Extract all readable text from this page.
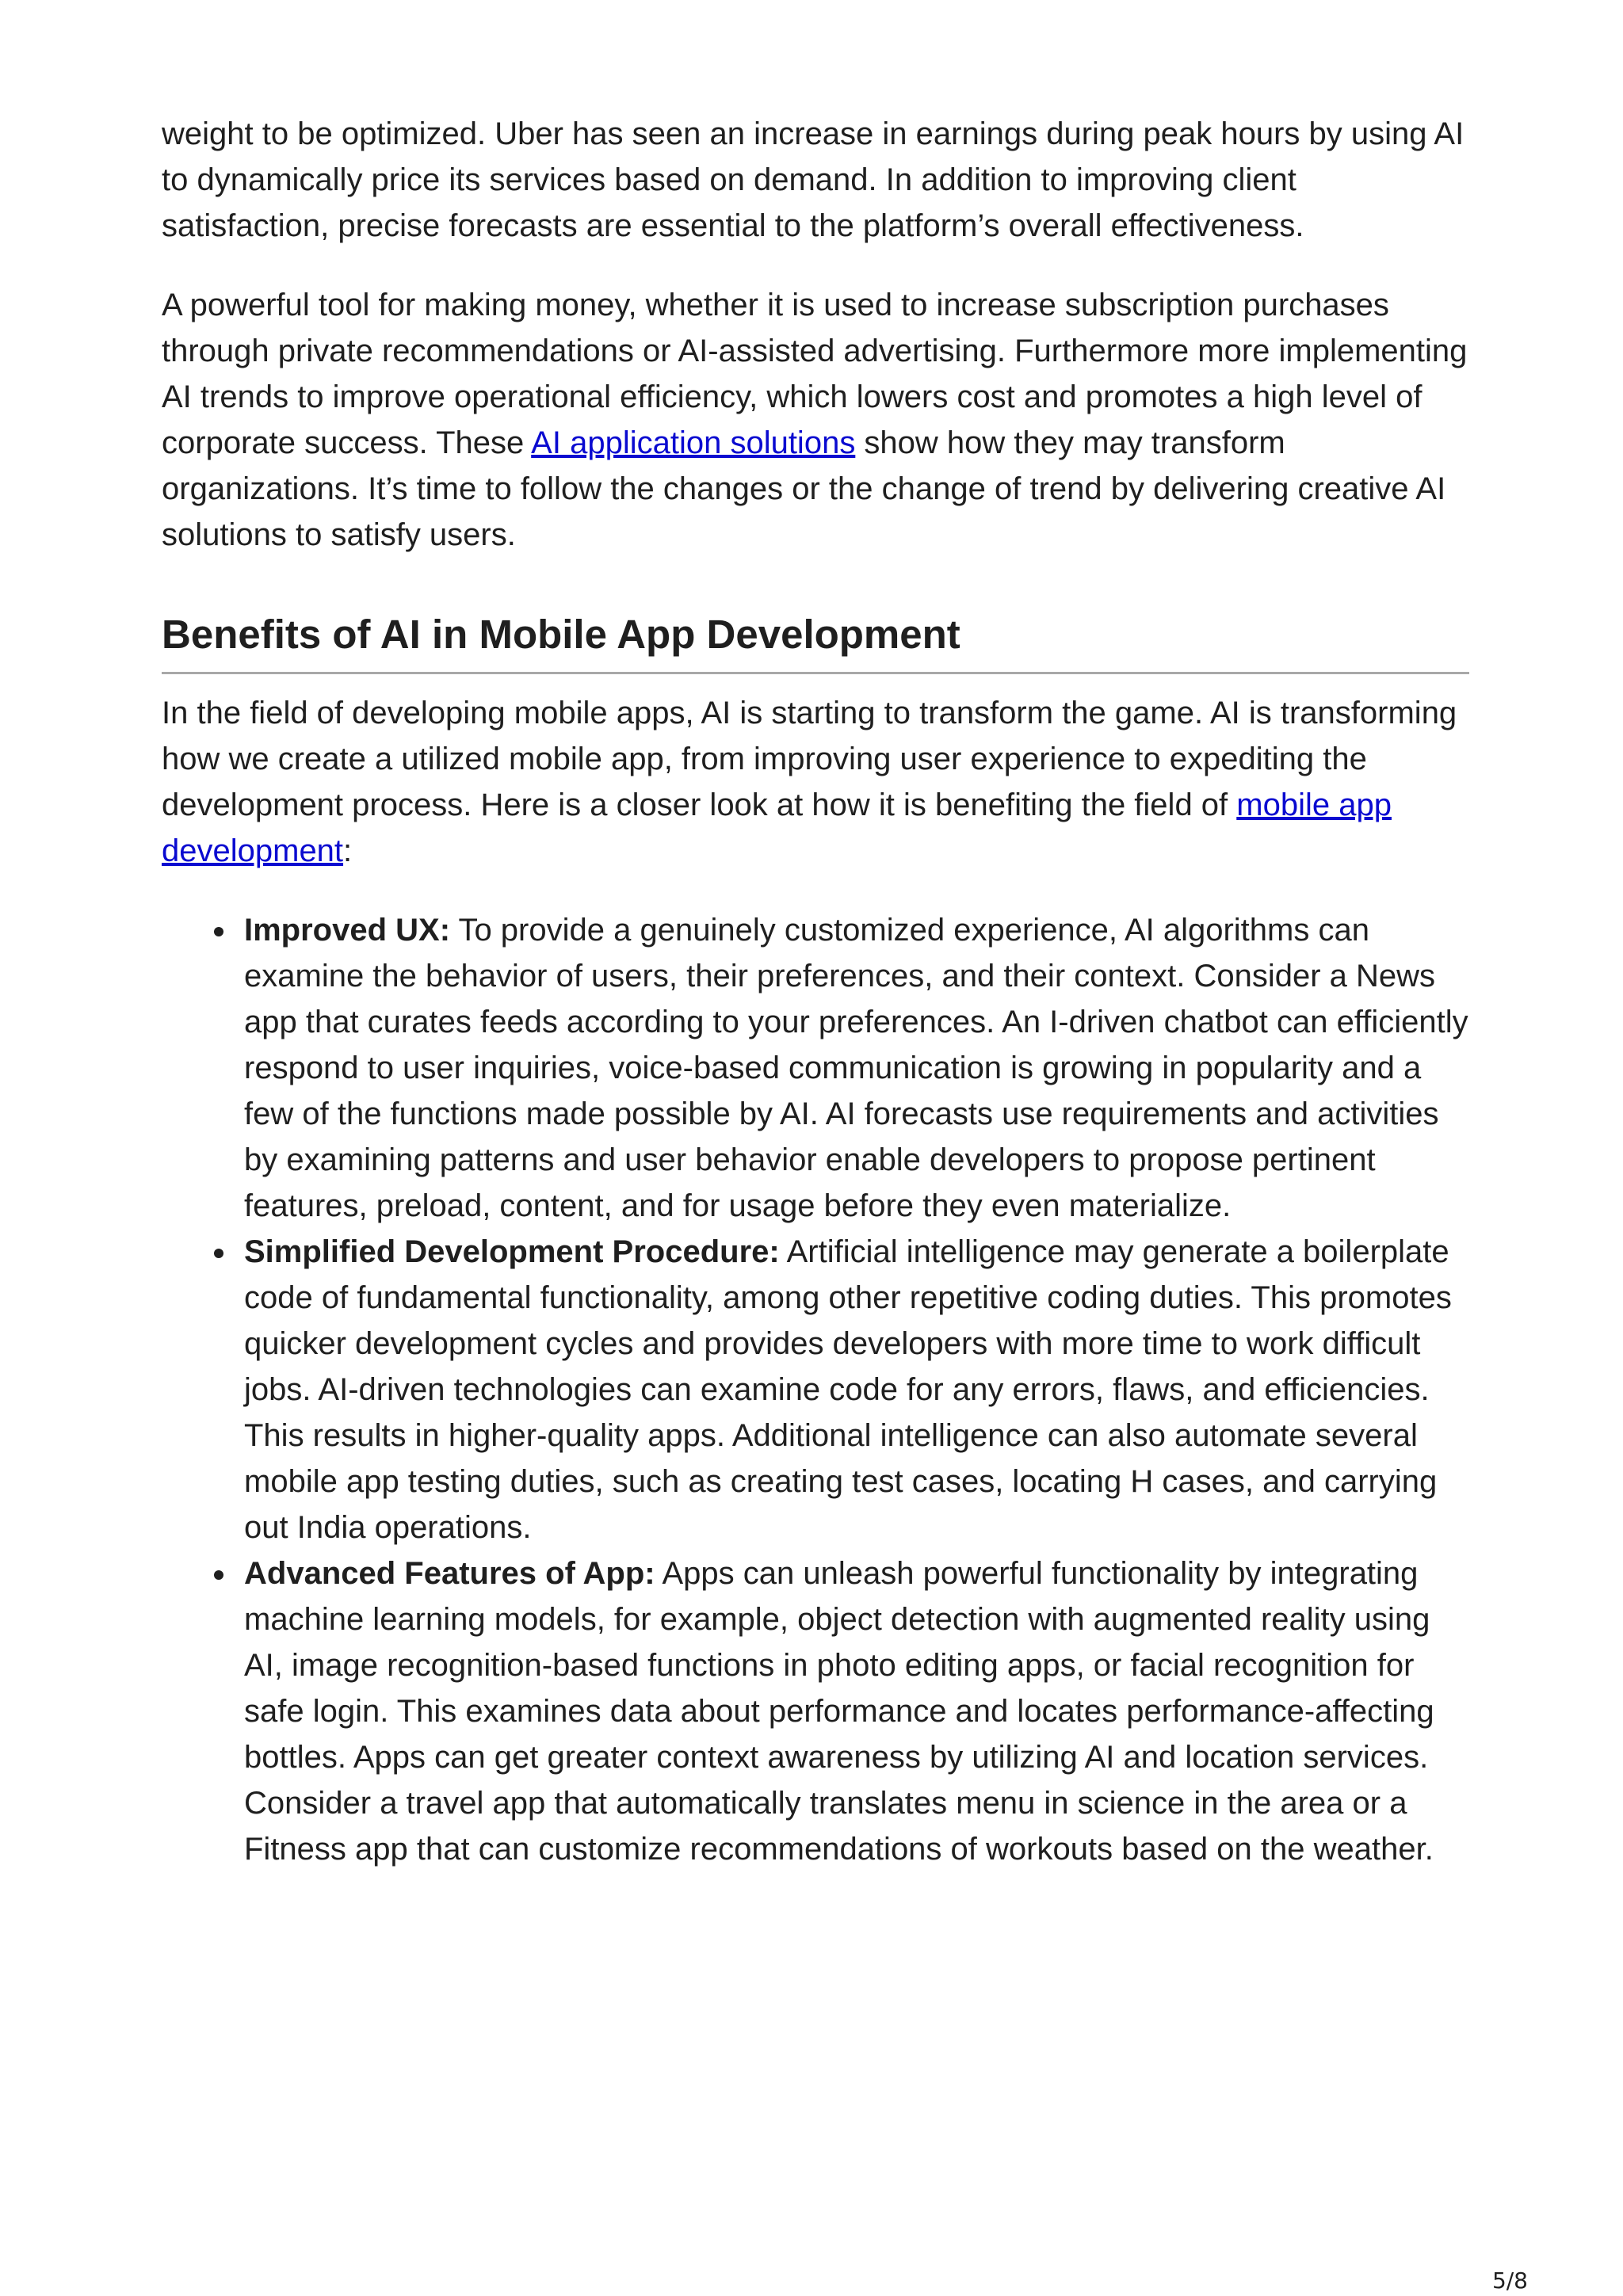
weight to be optimized. Uber has seen an increase in earnings during peak hours by using AI to dynamically price its services based on demand. In addition to improving client satisfaction, precise forecasts are essential to the platform’s overall effectiveness.

A powerful tool for making money, whether it is used to increase subscription purchases through private recommendations or AI-assisted advertising. Furthermore more implementing AI trends to improve operational efficiency, which lowers cost and promotes a high level of corporate success. These AI application solutions show how they may transform organizations. It’s time to follow the changes or the change of trend by delivering creative AI solutions to satisfy users.

Benefits of AI in Mobile App Development

In the field of developing mobile apps, AI is starting to transform the game. AI is transforming how we create a utilized mobile app, from improving user experience to expediting the development process. Here is a closer look at how it is benefiting the field of mobile app development:

Improved UX: To provide a genuinely customized experience, AI algorithms can examine the behavior of users, their preferences, and their context. Consider a News app that curates feeds according to your preferences. An I-driven chatbot can efficiently respond to user inquiries, voice-based communication is growing in popularity and a few of the functions made possible by AI. AI forecasts use requirements and activities by examining patterns and user behavior enable developers to propose pertinent features, preload, content, and for usage before they even materialize.
Simplified Development Procedure: Artificial intelligence may generate a boilerplate code of fundamental functionality, among other repetitive coding duties. This promotes quicker development cycles and provides developers with more time to work difficult jobs. AI-driven technologies can examine code for any errors, flaws, and efficiencies. This results in higher-quality apps. Additional intelligence can also automate several mobile app testing duties, such as creating test cases, locating H cases, and carrying out India operations.
Advanced Features of App: Apps can unleash powerful functionality by integrating machine learning models, for example, object detection with augmented reality using AI, image recognition-based functions in photo editing apps, or facial recognition for safe login. This examines data about performance and locates performance-affecting bottles. Apps can get greater context awareness by utilizing AI and location services. Consider a travel app that automatically translates menu in science in the area or a Fitness app that can customize recommendations of workouts based on the weather.
5/8
